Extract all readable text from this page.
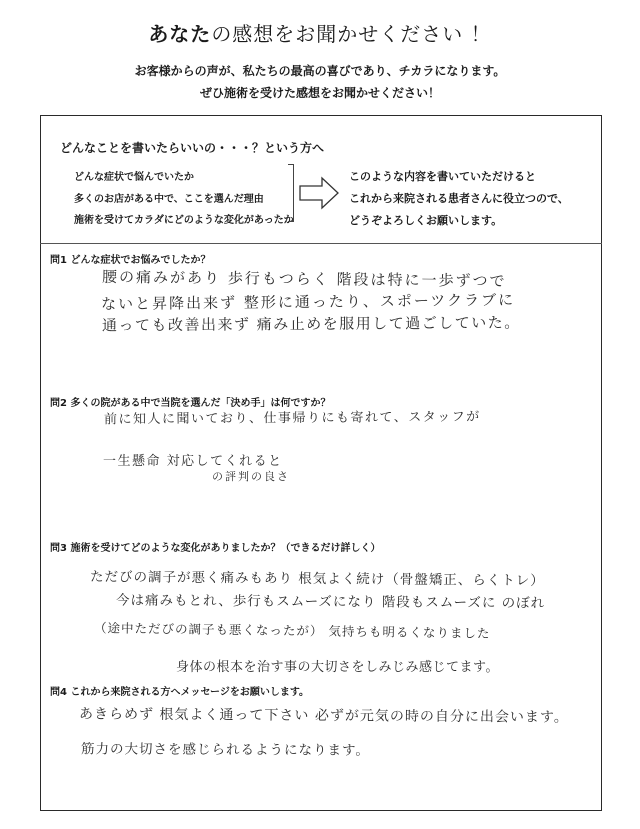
あなたの感想をお聞かせください ！
お客様からの声が、私たちの最高の喜びであり、チカラになります。
ぜひ施術を受けた感想をお聞かせください！
どんなことを書いたらいいの・・・？という方へ
どんな症状で悩んでいたか
多くのお店がある中で、ここを選んだ理由
施術を受けてカラダにどのような変化があったか
このような内容を書いていただけると
これから来院される患者さんに役立つので、
どうぞよろしくお願いします。
問1 どんな症状でお悩みでしたか？
腰の痛みがあり 歩行もつらく 階段は特に一歩ずつで
ないと昇降出来ず 整形に通ったり、スポーツクラブに
通っても改善出来ず 痛み止めを服用して過ごしていた。
問2 多くの院がある中で当院を選んだ「決め手」は何ですか？
前に知人に聞いており、仕事帰りにも寄れて、スタッフが
一生懸命 対応してくれると
の評判の良さ
問3 施術を受けてどのような変化がありましたか？（できるだけ詳しく）
ただびの調子が悪く痛みもあり 根気よく続け（骨盤矯正、らくトレ）
今は痛みもとれ、歩行もスムーズになり 階段もスムーズに のぼれ
（途中ただびの調子も悪くなったが） 気持ちも明るくなりました
身体の根本を治す事の大切さをしみじみ感じてます。
問4 これから来院される方へメッセージをお願いします。
あきらめず 根気よく通って下さい 必ずが元気の時の自分に出会います。
筋力の大切さを感じられるようになります。
